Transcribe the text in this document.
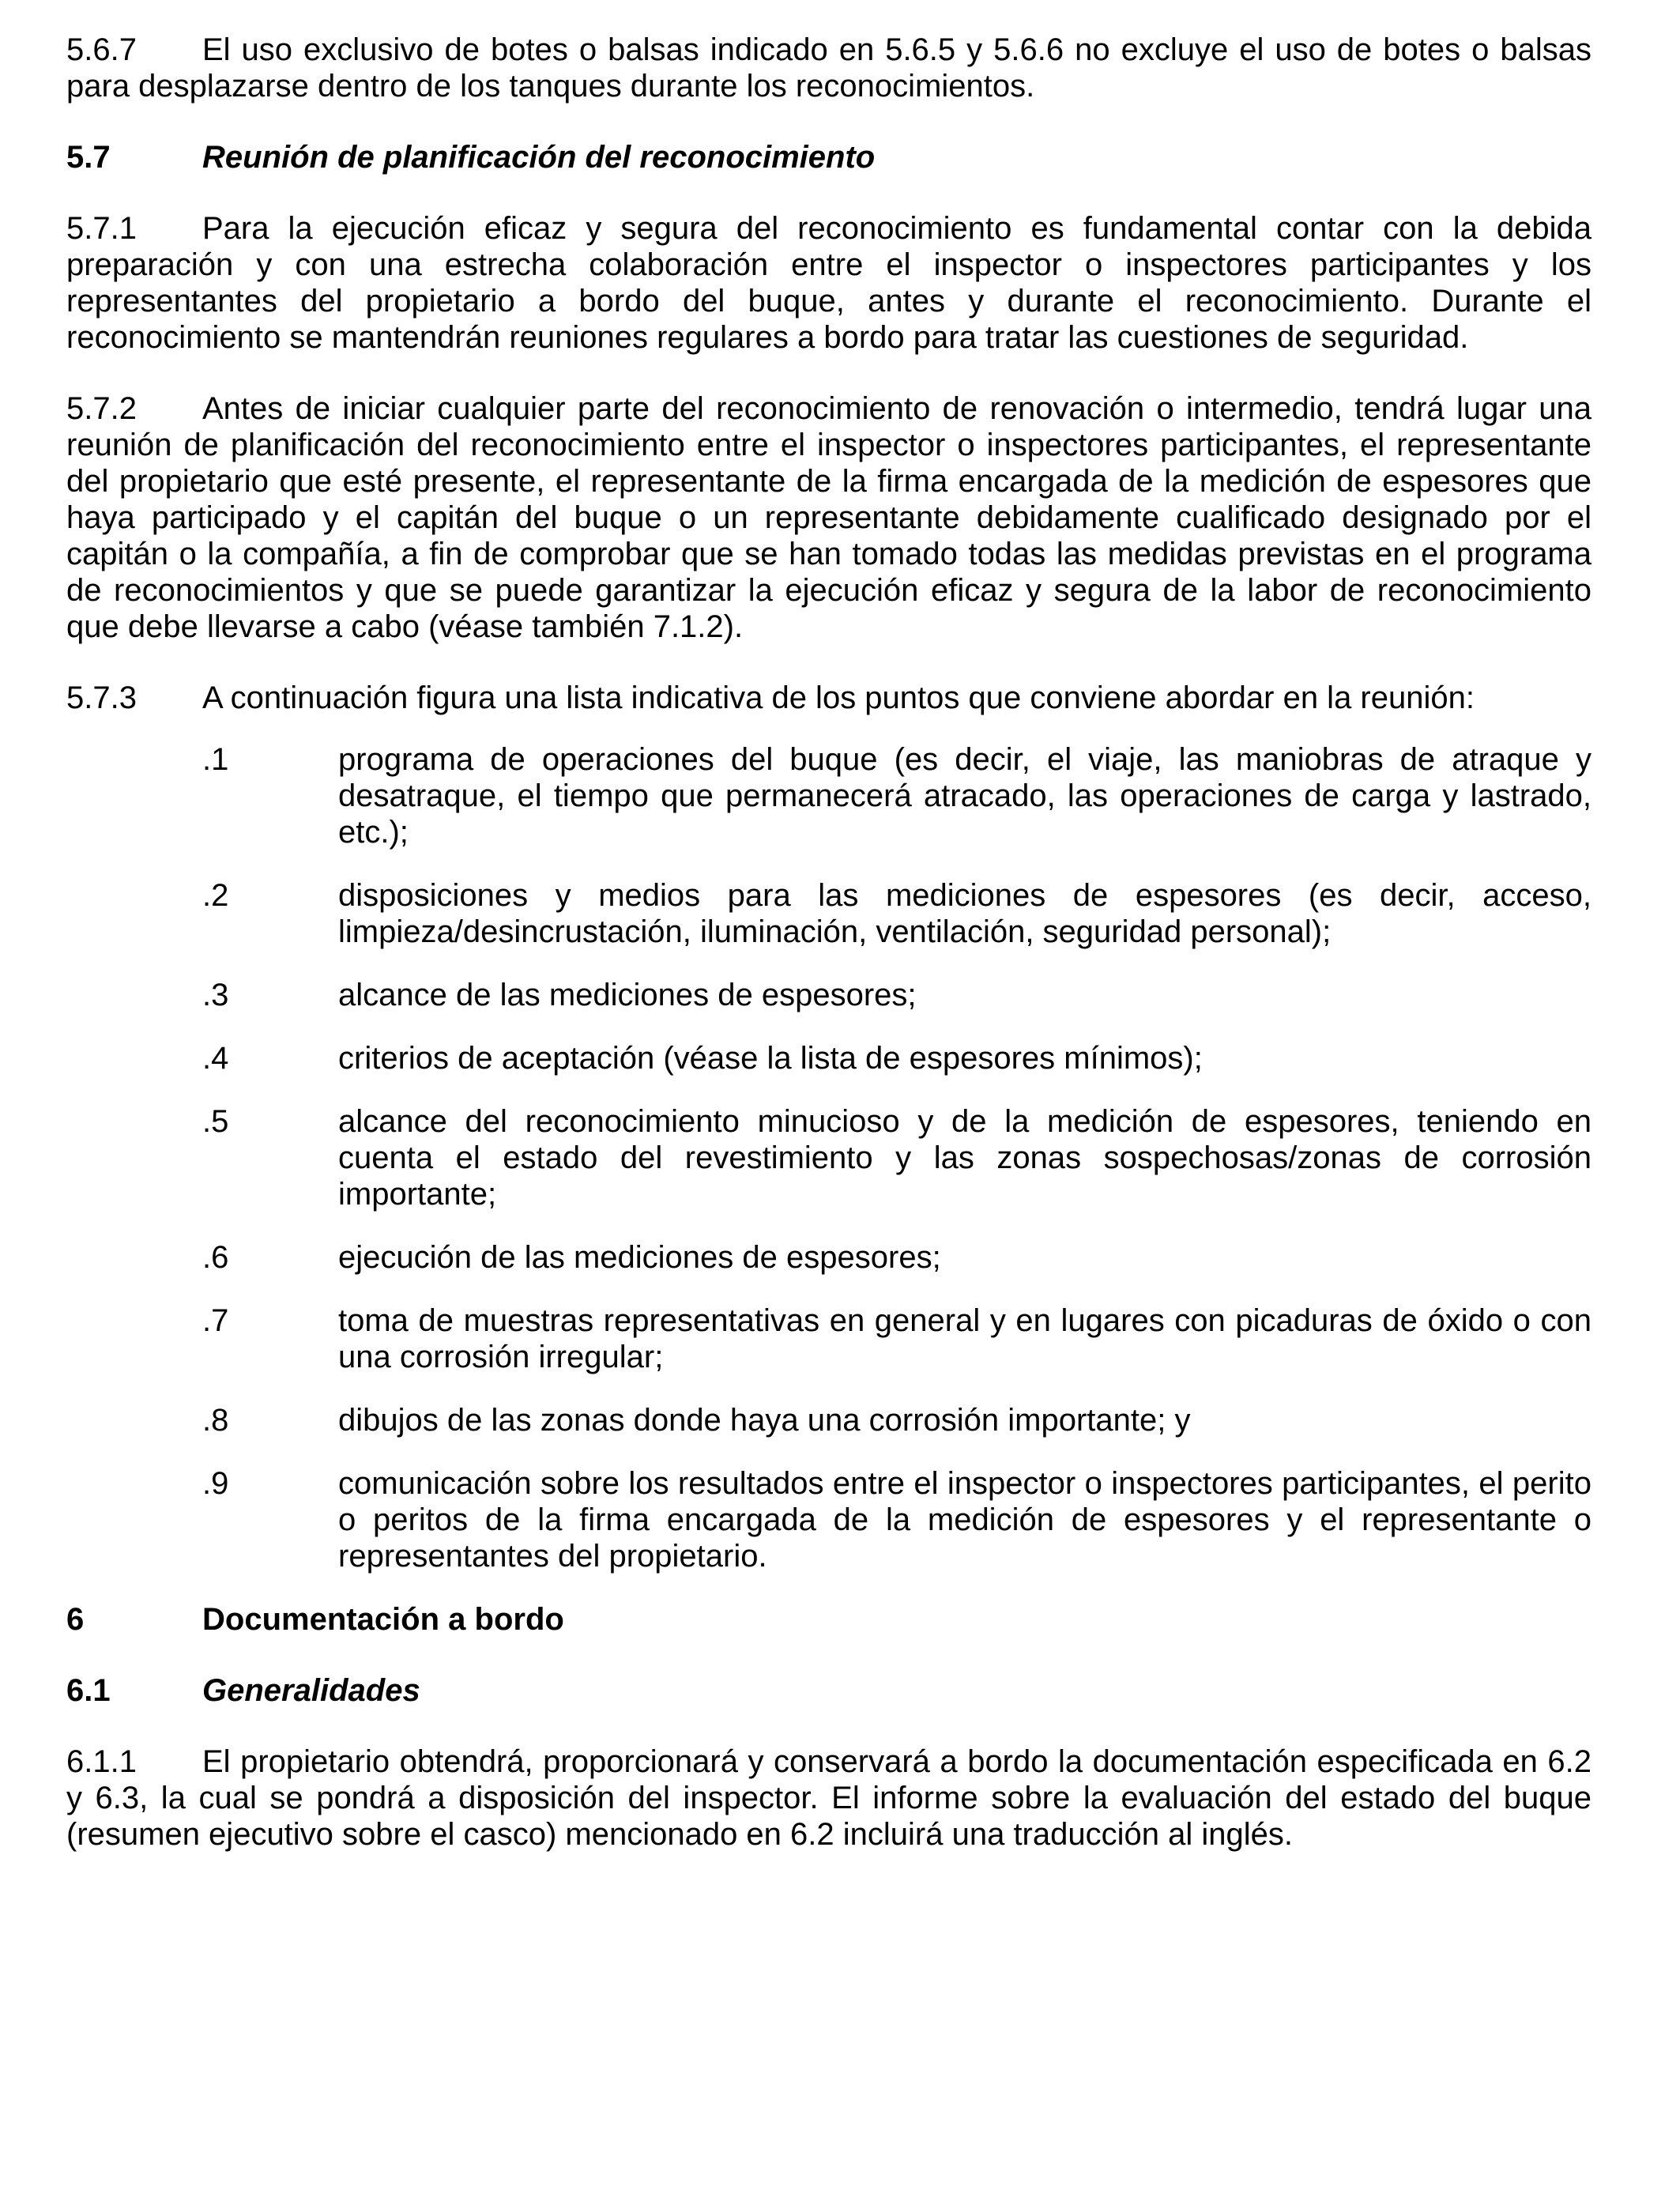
5.6.7 El uso exclusivo de botes o balsas indicado en 5.6.5 y 5.6.6 no excluye el uso de botes o balsas para desplazarse dentro de los tanques durante los reconocimientos.

5.7	Reunión de planificación del reconocimiento

5.7.1 Para la ejecución eficaz y segura del reconocimiento es fundamental contar con la debida preparación y con una estrecha colaboración entre el inspector o inspectores participantes y los representantes del propietario a bordo del buque, antes y durante el reconocimiento. Durante el reconocimiento se mantendrán reuniones regulares a bordo para tratar las cuestiones de seguridad.

5.7.2 Antes de iniciar cualquier parte del reconocimiento de renovación o intermedio, tendrá lugar una reunión de planificación del reconocimiento entre el inspector o inspectores participantes, el representante del propietario que esté presente, el representante de la firma encargada de la medición de espesores que haya participado y el capitán del buque o un representante debidamente cualificado designado por el capitán o la compañía, a fin de comprobar que se han tomado todas las medidas previstas en el programa de reconocimientos y que se puede garantizar la ejecución eficaz y segura de la labor de reconocimiento que debe llevarse a cabo (véase también 7.1.2).

5.7.3 A continuación figura una lista indicativa de los puntos que conviene abordar en la reunión:

.1	programa de operaciones del buque (es decir, el viaje, las maniobras de atraque y desatraque, el tiempo que permanecerá atracado, las operaciones de carga y lastrado, etc.);
.2	disposiciones y medios para las mediciones de espesores (es decir, acceso, limpieza/desincrustación, iluminación, ventilación, seguridad personal);
.3	alcance de las mediciones de espesores;
.4	criterios de aceptación (véase la lista de espesores mínimos);
.5	alcance del reconocimiento minucioso y de la medición de espesores, teniendo en cuenta el estado del revestimiento y las zonas sospechosas/zonas de corrosión importante;
.6	ejecución de las mediciones de espesores;
.7	toma de muestras representativas en general y en lugares con picaduras de óxido o con una corrosión irregular;
.8	dibujos de las zonas donde haya una corrosión importante; y
.9	comunicación sobre los resultados entre el inspector o inspectores participantes, el perito o peritos de la firma encargada de la medición de espesores y el representante o representantes del propietario.
6	Documentación a bordo
6.1	Generalidades

6.1.1 El propietario obtendrá, proporcionará y conservará a bordo la documentación especificada en 6.2 y 6.3, la cual se pondrá a disposición del inspector. El informe sobre la evaluación del estado del buque (resumen ejecutivo sobre el casco) mencionado en 6.2 incluirá una traducción al inglés.
